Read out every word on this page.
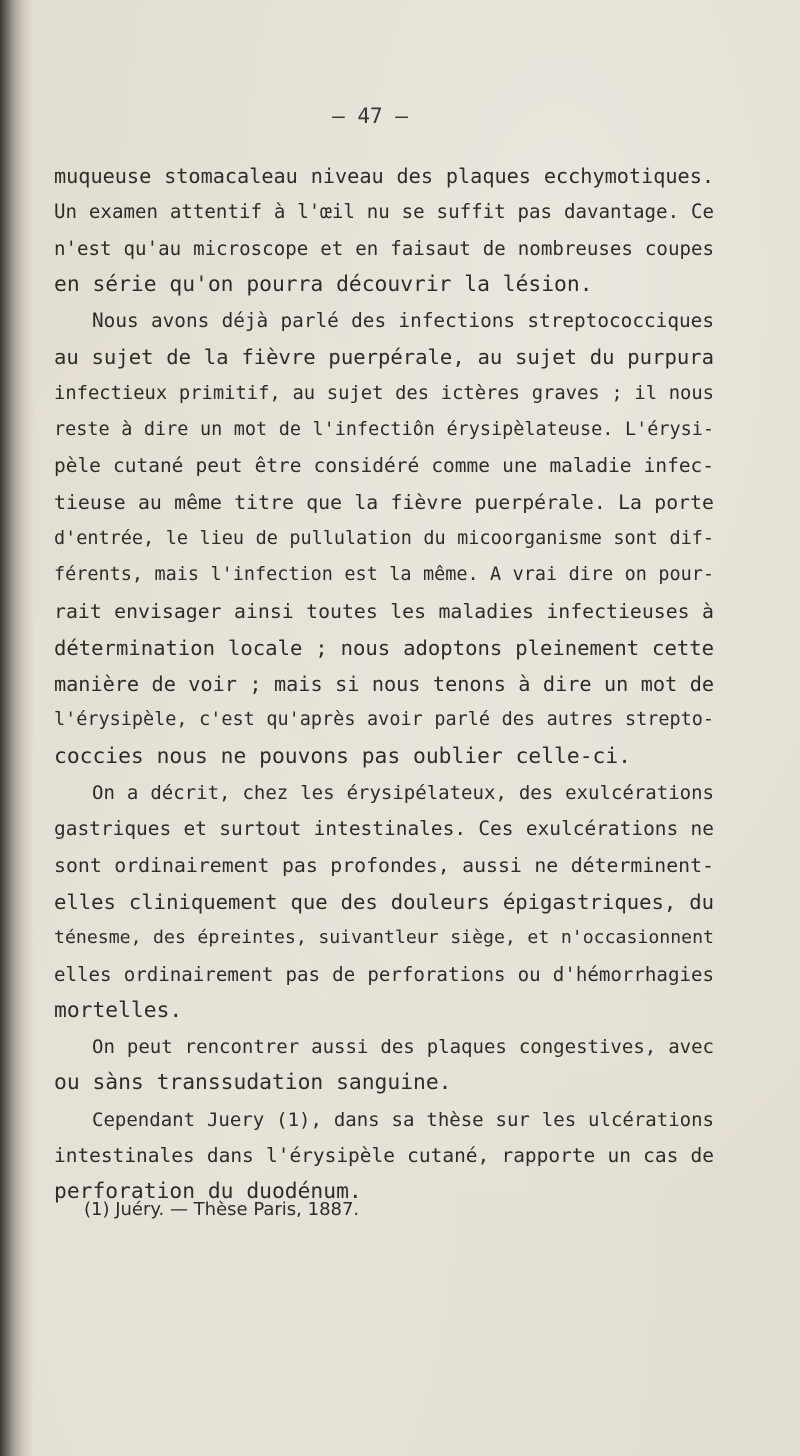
— 47 —
muqueuse stomacaleau niveau des plaques ecchymotiques.
Un examen attentif à l'œil nu se suffit pas davantage. Ce
n'est qu'au microscope et en faisaut de nombreuses coupes
en série qu'on pourra découvrir la lésion.
Nous avons déjà parlé des infections streptococciques
au sujet de la fièvre puerpérale, au sujet du purpura
infectieux primitif, au sujet des ictères graves ; il nous
reste à dire un mot de l'infectiôn érysipèlateuse. L'érysi-
pèle cutané peut être considéré comme une maladie infec-
tieuse au même titre que la fièvre puerpérale. La porte
d'entrée, le lieu de pullulation du micoorganisme sont dif-
férents, mais l'infection est la même. A vrai dire on pour-
rait envisager ainsi toutes les maladies infectieuses à
détermination locale ; nous adoptons pleinement cette
manière de voir ; mais si nous tenons à dire un mot de
l'érysipèle, c'est qu'après avoir parlé des autres strepto-
coccies nous ne pouvons pas oublier celle-ci.
On a décrit, chez les érysipélateux, des exulcérations
gastriques et surtout intestinales. Ces exulcérations ne
sont ordinairement pas profondes, aussi ne déterminent-
elles cliniquement que des douleurs épigastriques, du
ténesme, des épreintes, suivantleur siège, et n'occasionnent
elles ordinairement pas de perforations ou d'hémorrhagies
mortelles.
On peut rencontrer aussi des plaques congestives, avec
ou sàns transsudation sanguine.
Cependant Juery (1), dans sa thèse sur les ulcérations
intestinales dans l'érysipèle cutané, rapporte un cas de
perforation du duodénum.
(1) Juéry. — Thèse Paris, 1887.
